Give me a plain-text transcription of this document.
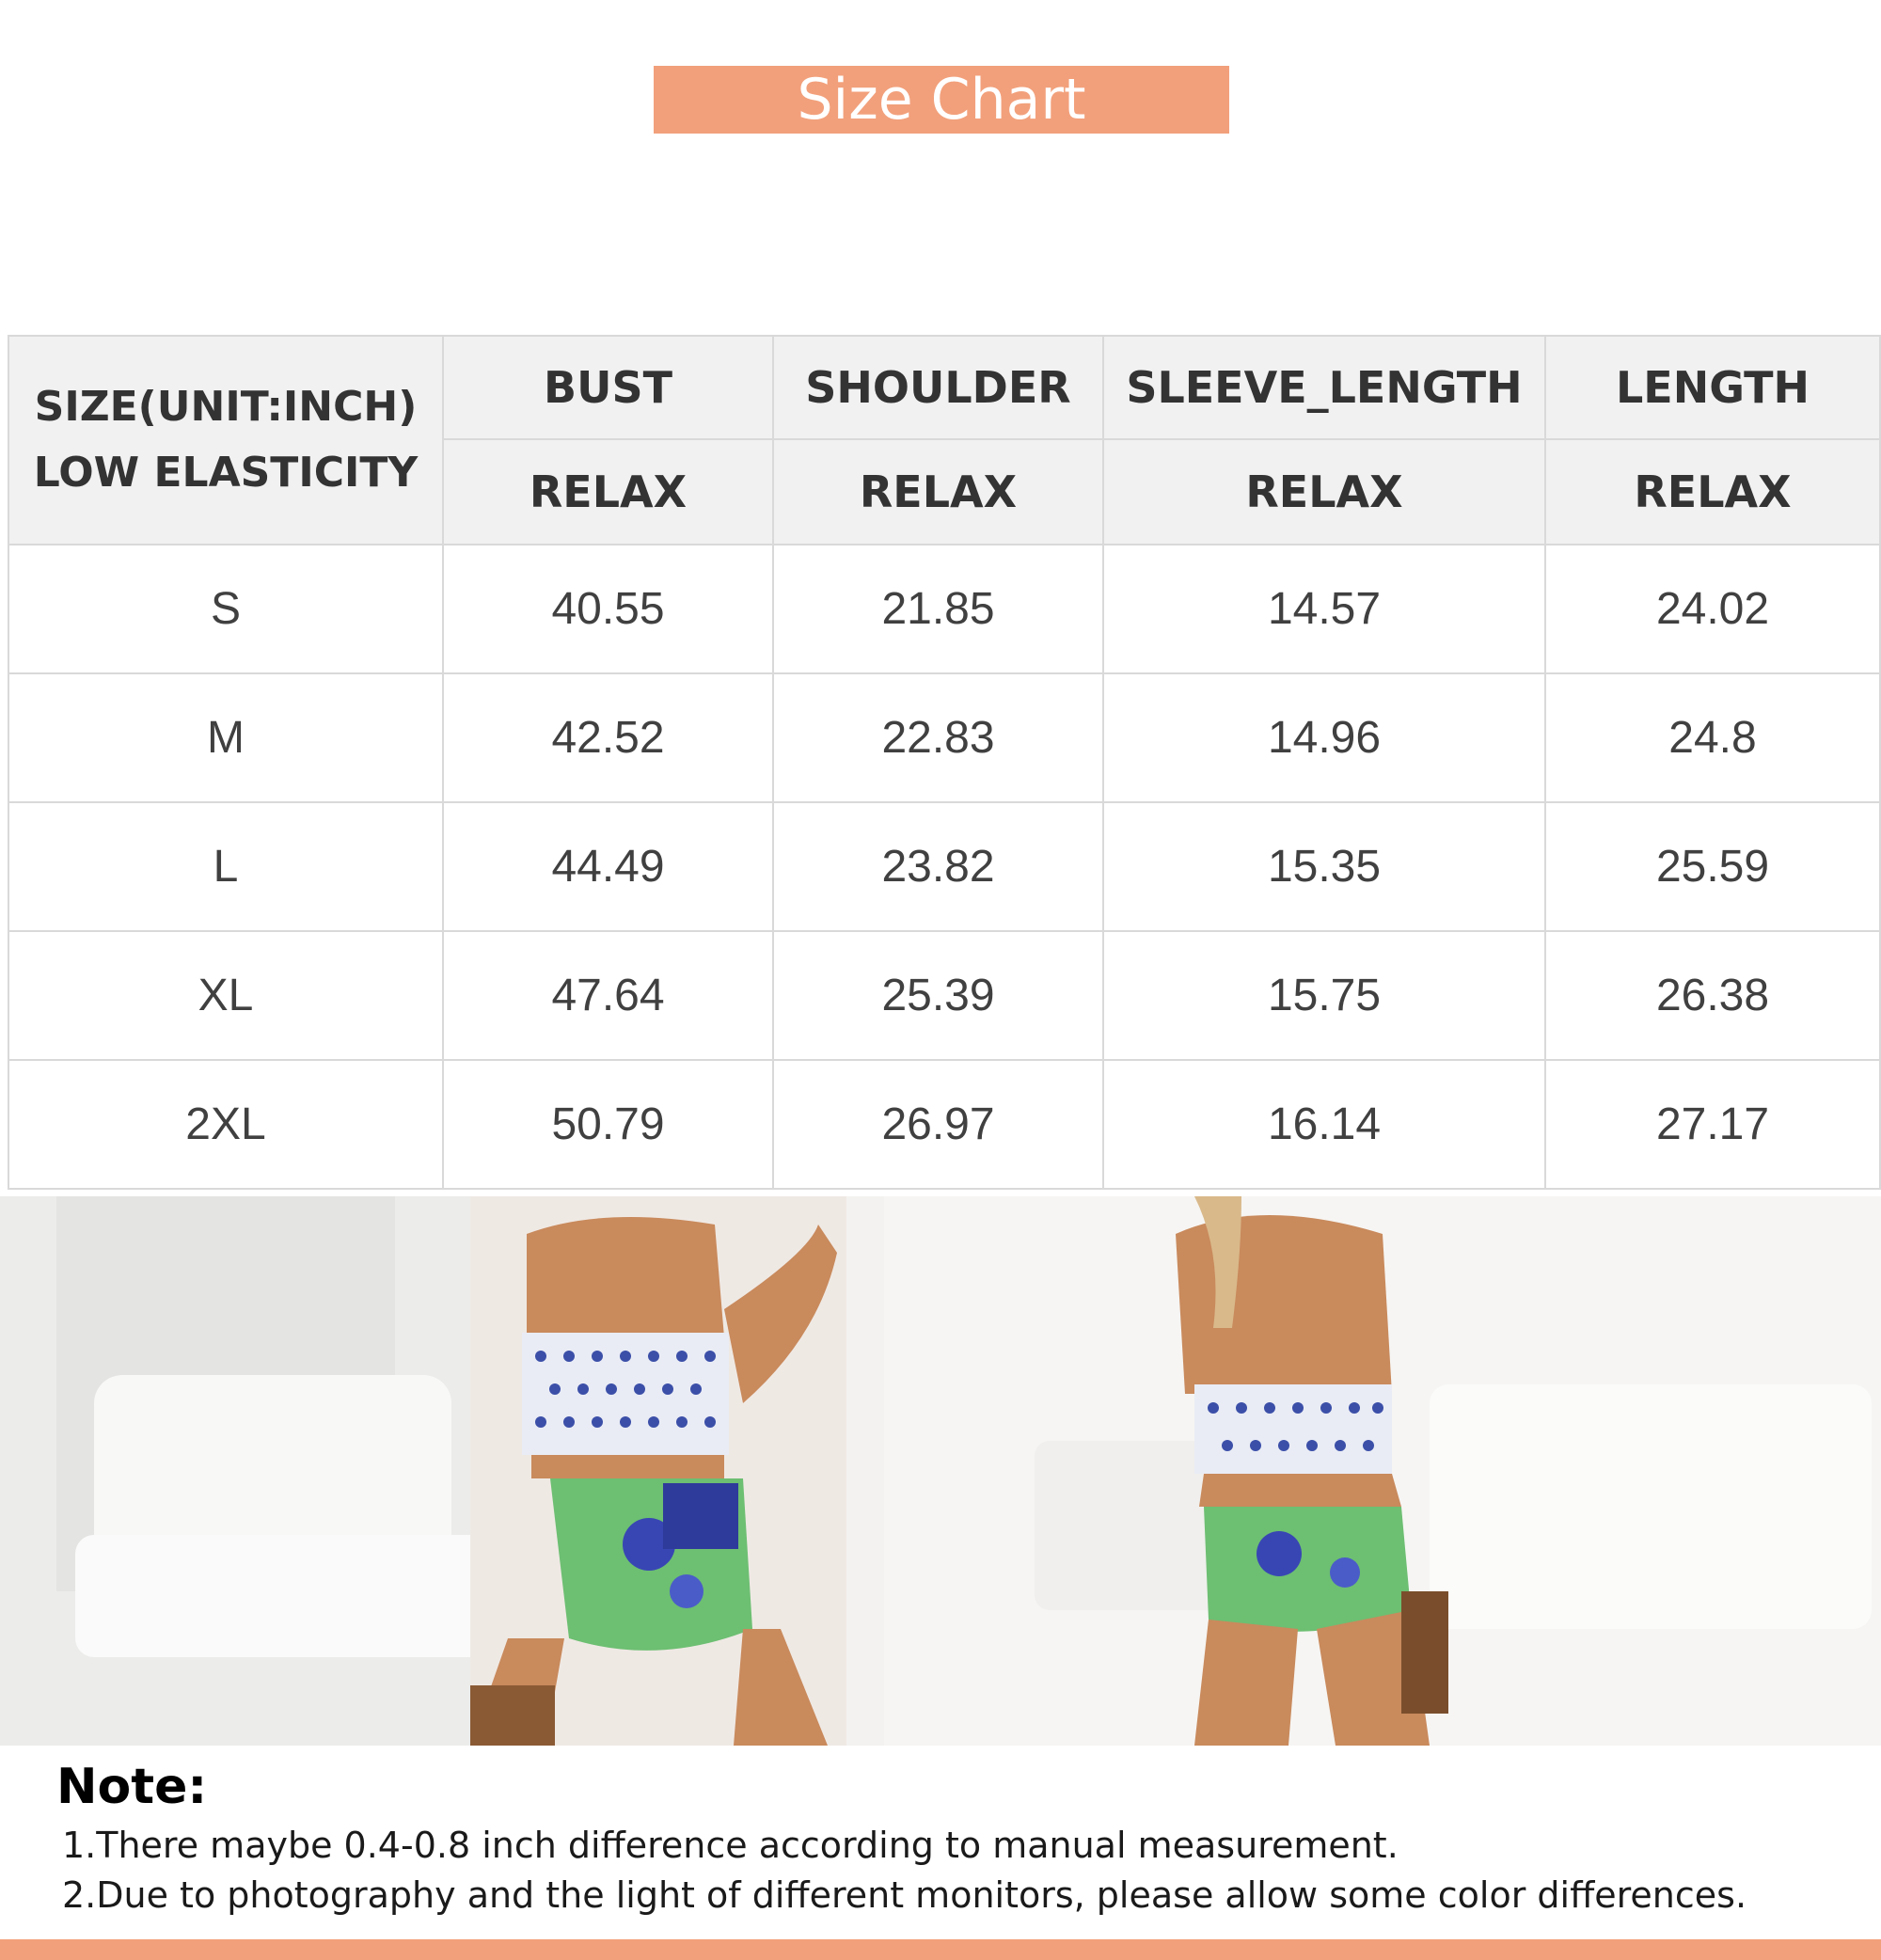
Size Chart
SIZE(UNIT:INCH)
LOW ELASTICITY	BUST	SHOULDER	SLEEVE_LENGTH	LENGTH
	RELAX	RELAX	RELAX	RELAX
S	40.55	21.85	14.57	24.02
M	42.52	22.83	14.96	24.8
L	44.49	23.82	15.35	25.59
XL	47.64	25.39	15.75	26.38
2XL	50.79	26.97	16.14	27.17
Note:
1.There maybe 0.4-0.8 inch difference according to manual measurement.
2.Due to photography and the light of different monitors, please allow some color differences.
